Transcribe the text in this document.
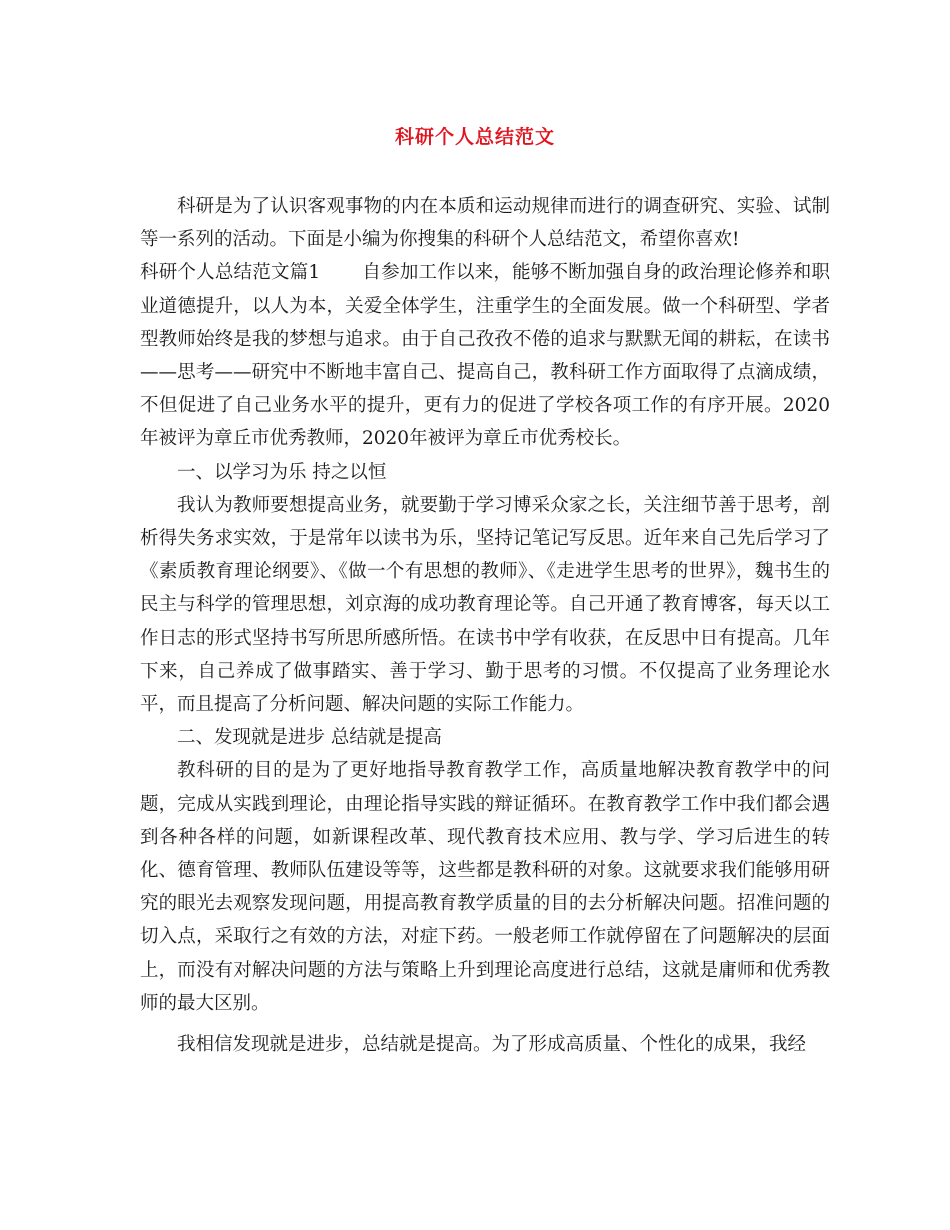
科研个人总结范文

科研是为了认识客观事物的内在本质和运动规律而进行的调查研究、实验、试制等一系列的活动。下面是小编为你搜集的科研个人总结范文，希望你喜欢!

科研个人总结范文篇1 自参加工作以来，能够不断加强自身的政治理论修养和职业道德提升，以人为本，关爱全体学生，注重学生的全面发展。做一个科研型、学者型教师始终是我的梦想与追求。由于自己孜孜不倦的追求与默默无闻的耕耘，在读书——思考——研究中不断地丰富自己、提高自己，教科研工作方面取得了点滴成绩，不但促进了自己业务水平的提升，更有力的促进了学校各项工作的有序开展。2020年被评为章丘市优秀教师，2020年被评为章丘市优秀校长。

一、以学习为乐 持之以恒

我认为教师要想提高业务，就要勤于学习博采众家之长，关注细节善于思考，剖析得失务求实效，于是常年以读书为乐，坚持记笔记写反思。近年来自己先后学习了《素质教育理论纲要》、《做一个有思想的教师》、《走进学生思考的世界》，魏书生的民主与科学的管理思想，刘京海的成功教育理论等。自己开通了教育博客，每天以工作日志的形式坚持书写所思所感所悟。在读书中学有收获，在反思中日有提高。几年下来，自己养成了做事踏实、善于学习、勤于思考的习惯。不仅提高了业务理论水平，而且提高了分析问题、解决问题的实际工作能力。

二、发现就是进步 总结就是提高

教科研的目的是为了更好地指导教育教学工作，高质量地解决教育教学中的问题，完成从实践到理论，由理论指导实践的辩证循环。在教育教学工作中我们都会遇到各种各样的问题，如新课程改革、现代教育技术应用、教与学、学习后进生的转化、德育管理、教师队伍建设等等，这些都是教科研的对象。这就要求我们能够用研究的眼光去观察发现问题，用提高教育教学质量的目的去分析解决问题。招准问题的切入点，采取行之有效的方法，对症下药。一般老师工作就停留在了问题解决的层面上，而没有对解决问题的方法与策略上升到理论高度进行总结，这就是庸师和优秀教师的最大区别。

我相信发现就是进步，总结就是提高。为了形成高质量、个性化的成果，我经
